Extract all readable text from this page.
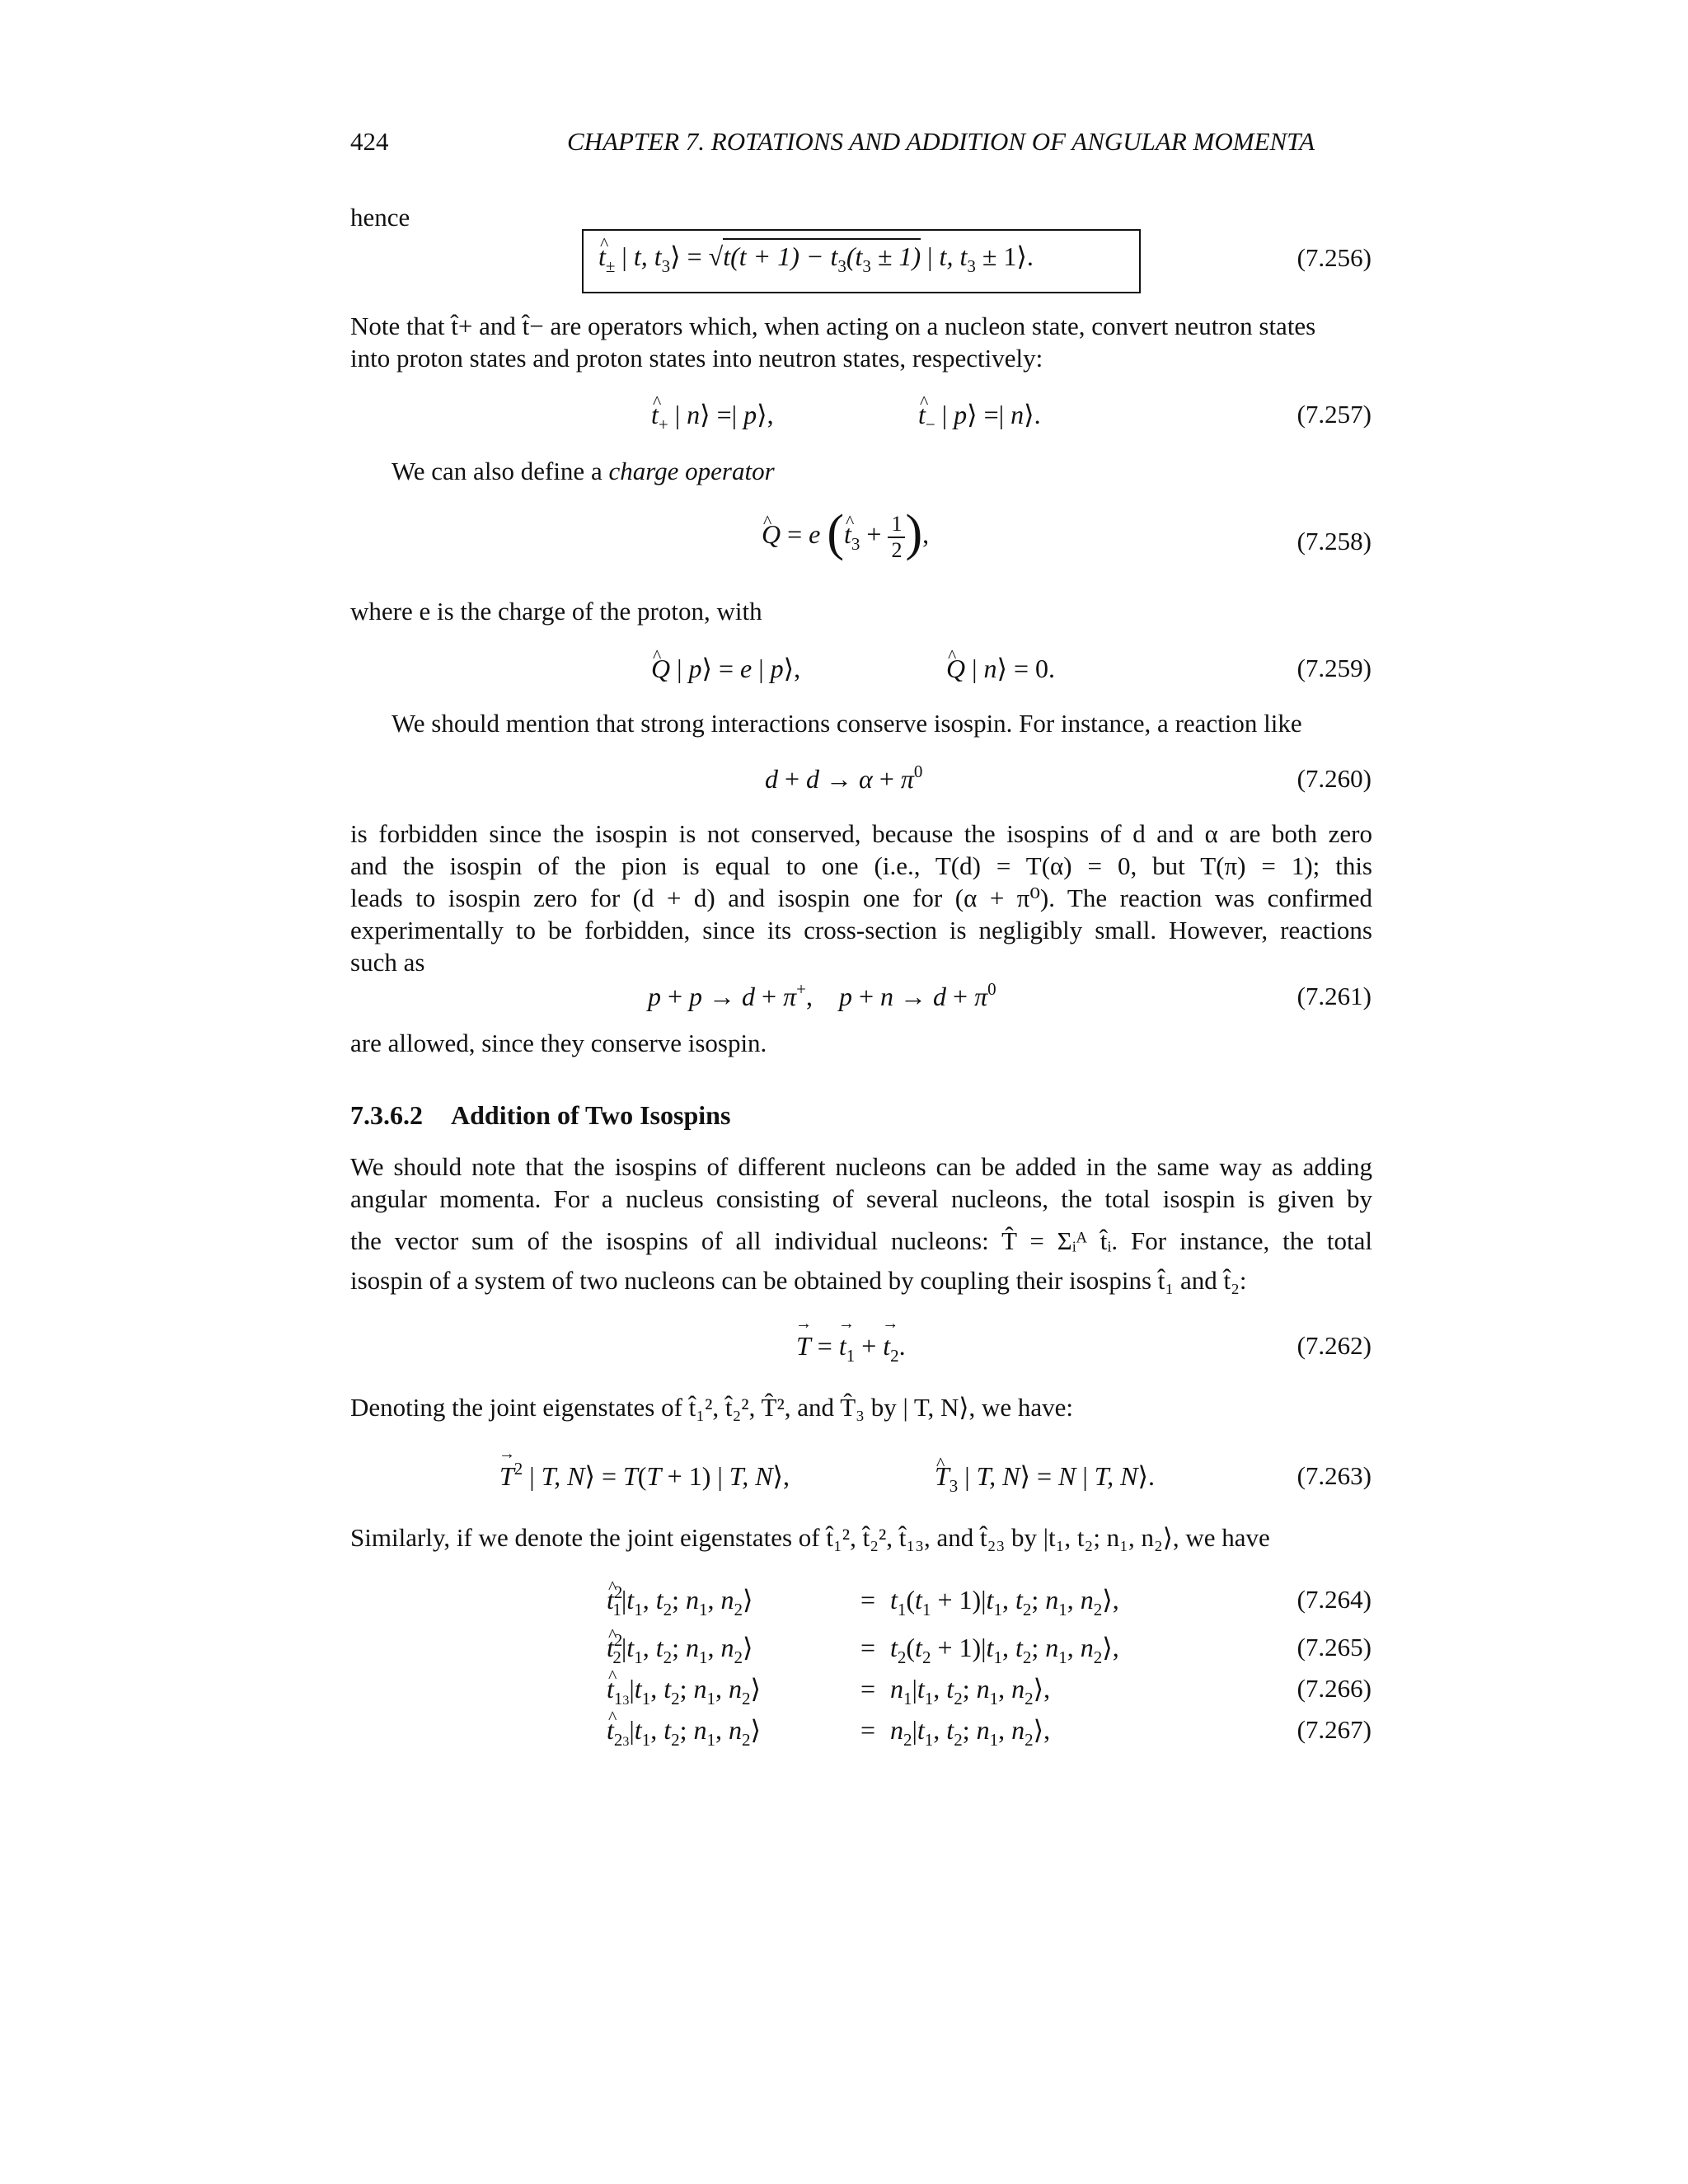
424	CHAPTER 7. ROTATIONS AND ADDITION OF ANGULAR MOMENTA
hence
^ $t_\pm$ | t, $t_3⟩ = √t(t + 1) - t_3(t_3 \pm 1)$ | t, $t_3$ ± 1⟩.	(7.256)
Note that t̂+ and t̂− are operators which, when acting on a nucleon state, convert neutron states
into proton states and proton states into neutron states, respectively:
^ $t_+$ | n⟩ =| p⟩,	^ $t_-$ | p⟩ =| n⟩.	(7.257)
We can also define a charge operator
^ Q = e (^ $t_3 + \frac{1}{2}$ ),	(7.258)
where e is the charge of the proton, with
^ Q | p⟩ = e | p⟩,	^ Q | n⟩ = 0.	(7.259)
We should mention that strong interactions conserve isospin. For instance, a reaction like
$d + d \to \alpha + \pi^0$	(7.260)
is forbidden since the isospin is not conserved, because the isospins of d and α are both zero
and the isospin of the pion is equal to one (i.e., T(d) = T(α) = 0, but T(π) = 1); this
leads to isospin zero for (d + d) and isospin one for (α + π⁰). The reaction was confirmed
experimentally to be forbidden, since its cross-section is negligibly small. However, reactions
such as
p + p → d + π+,    $p + n \to d + \pi^0$	(7.261)
are allowed, since they conserve isospin.
7.3.6.2 Addition of Two Isospins
We should note that the isospins of different nucleons can be added in the same way as adding
angular momenta. For a nucleus consisting of several nucleons, the total isospin is given by
the vector sum of the isospins of all individual nucleons: T̂ = Σᵢᴬ t̂ᵢ. For instance, the total
isospin of a system of two nucleons can be obtained by coupling their isospins t̂₁ and t̂₂:
T → = $t \to_1 + t \to_2$.	(7.262)
Denoting the joint eigenstates of t̂₁², t̂₂², T̂², and T̂₃ by | T, N⟩, we have:
T →$^2$ | T, N⟩ = T(T + 1) | T, N⟩,	^ $T_3$ | T, N⟩ = N | T, N⟩.	(7.263)
Similarly, if we denote the joint eigenstates of t̂₁², t̂₂², t̂₁₃, and t̂₂₃ by |t₁, t₂; n₁, n₂⟩, we have
^ $t^2_1|t_1$, $t_2$; $n_1$, $n_2⟩$	= $t_1(t_1 + 1)|t_1$, $t_2$; $n_1$, $n_2⟩$,	(7.264)
^ $t^2_2|t_1$, $t_2$; $n_1$, $n_2⟩$	= $t_2(t_2 + 1)|t_1$, $t_2$; $n_1$, $n_2⟩$,	(7.265)
^ $t_{13}|t_1$, $t_2$; $n_1$, $n_2⟩$	= $n_1|t_1$, $t_2$; $n_1$, $n_2⟩$,	(7.266)
^ $t_{23}|t_1$, $t_2$; $n_1$, $n_2⟩$	= $n_2|t_1$, $t_2$; $n_1$, $n_2⟩$,	(7.267)
